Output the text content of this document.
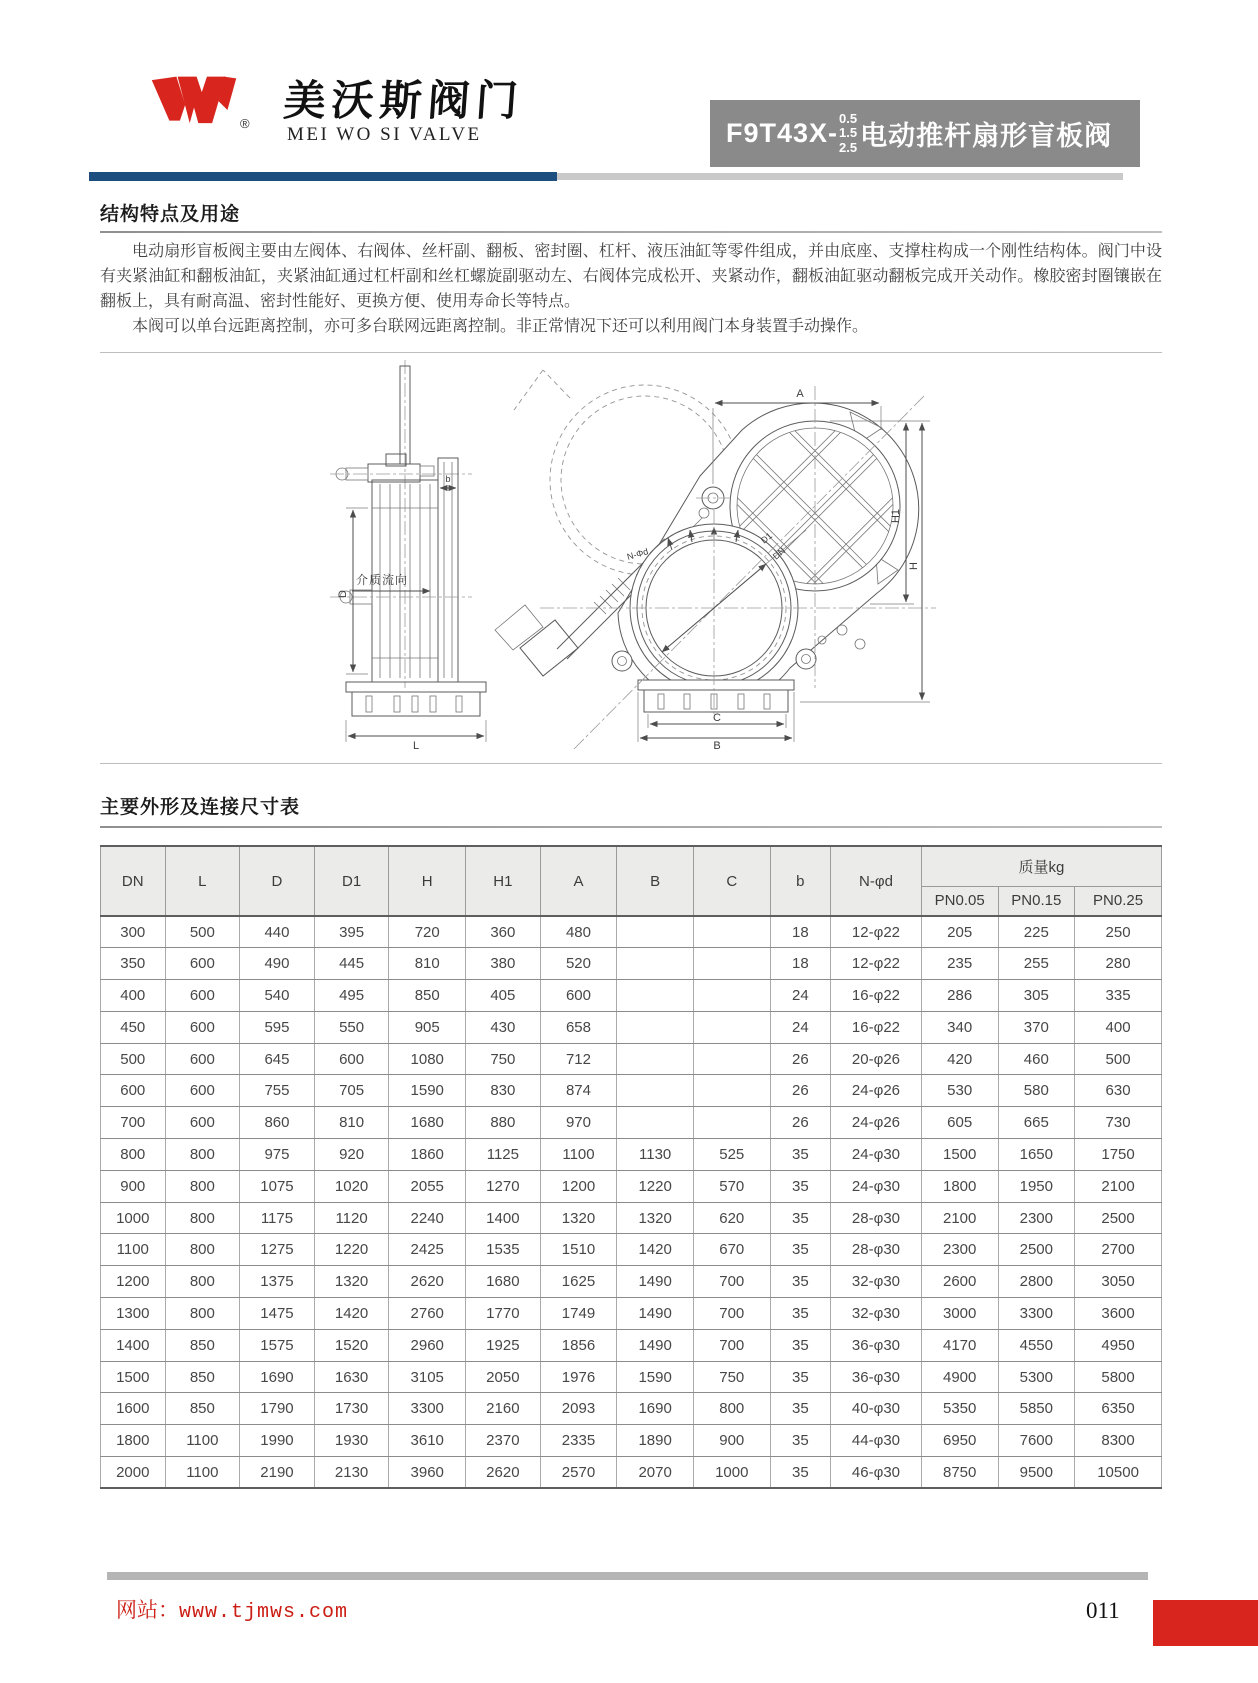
® 美沃斯阀门
MEI WO SI VALVE	F9T43X- 0.5
1.5
2.5 电动推杆扇形盲板阀
结构特点及用途

电动扇形盲板阀主要由左阀体、右阀体、丝杆副、翻板、密封圈、杠杆、液压油缸等零件组成，并由底座、支撑柱构成一个刚性结构体。阀门中设有夹紧油缸和翻板油缸，夹紧油缸通过杠杆副和丝杠螺旋副驱动左、右阀体完成松开、夹紧动作，翻板油缸驱动翻板完成开关动作。橡胶密封圈镶嵌在翻板上，具有耐高温、密封性能好、更换方便、使用寿命长等特点。

本阀可以单台远距离控制，亦可多台联网远距离控制。非正常情况下还可以利用阀门本身装置手动操作。

D
b
介质流向
L
N-Φd
D1
DN
A
H1
H
C
B
主要外形及连接尺寸表
DN	L	D	D1	H	H1	A	B	C	b	N-φd	质量kg		
											PN0.05	PN0.15	PN0.25
300	500	440	395	720	360	480			18	12-φ22	205	225	250
350	600	490	445	810	380	520			18	12-φ22	235	255	280
400	600	540	495	850	405	600			24	16-φ22	286	305	335
450	600	595	550	905	430	658			24	16-φ22	340	370	400
500	600	645	600	1080	750	712			26	20-φ26	420	460	500
600	600	755	705	1590	830	874			26	24-φ26	530	580	630
700	600	860	810	1680	880	970			26	24-φ26	605	665	730
800	800	975	920	1860	1125	1100	1130	525	35	24-φ30	1500	1650	1750
900	800	1075	1020	2055	1270	1200	1220	570	35	24-φ30	1800	1950	2100
1000	800	1175	1120	2240	1400	1320	1320	620	35	28-φ30	2100	2300	2500
1100	800	1275	1220	2425	1535	1510	1420	670	35	28-φ30	2300	2500	2700
1200	800	1375	1320	2620	1680	1625	1490	700	35	32-φ30	2600	2800	3050
1300	800	1475	1420	2760	1770	1749	1490	700	35	32-φ30	3000	3300	3600
1400	850	1575	1520	2960	1925	1856	1490	700	35	36-φ30	4170	4550	4950
1500	850	1690	1630	3105	2050	1976	1590	750	35	36-φ30	4900	5300	5800
1600	850	1790	1730	3300	2160	2093	1690	800	35	40-φ30	5350	5850	6350
1800	1100	1990	1930	3610	2370	2335	1890	900	35	44-φ30	6950	7600	8300
2000	1100	2190	2130	3960	2620	2570	2070	1000	35	46-φ30	8750	9500	10500
网站：www.tjmws.com	011
